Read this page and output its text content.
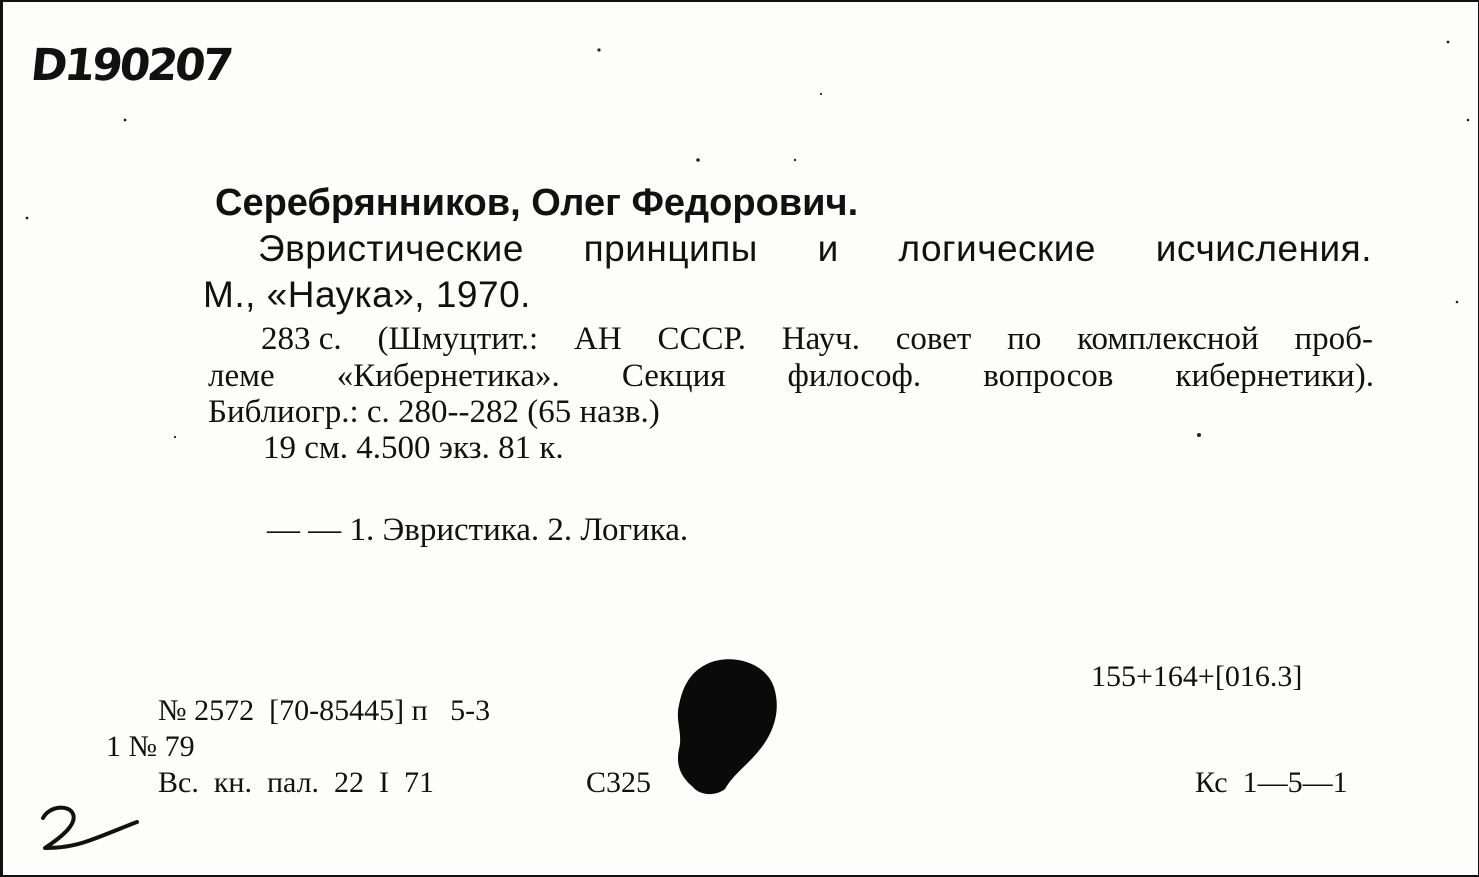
D190207
Серебрянников, Олег Федорович.
Эвристические принципы и логические исчисления.
М., «Наука», 1970.
283 с. (Шмуцтит.: АН СССР. Науч. совет по комплексной проб-
леме «Кибернетика». Секция философ. вопросов кибернетики).
Библиогр.: с. 280--282 (65 назв.)
19 см. 4.500 экз. 81 к.
— — 1. Эвристика. 2. Логика.
155+164+[016.3]
№ 2572  [70-85445] п   5-3
1 № 79
Вс.  кн.  пал.  22  I  71	С325	Кс  1—5—1
